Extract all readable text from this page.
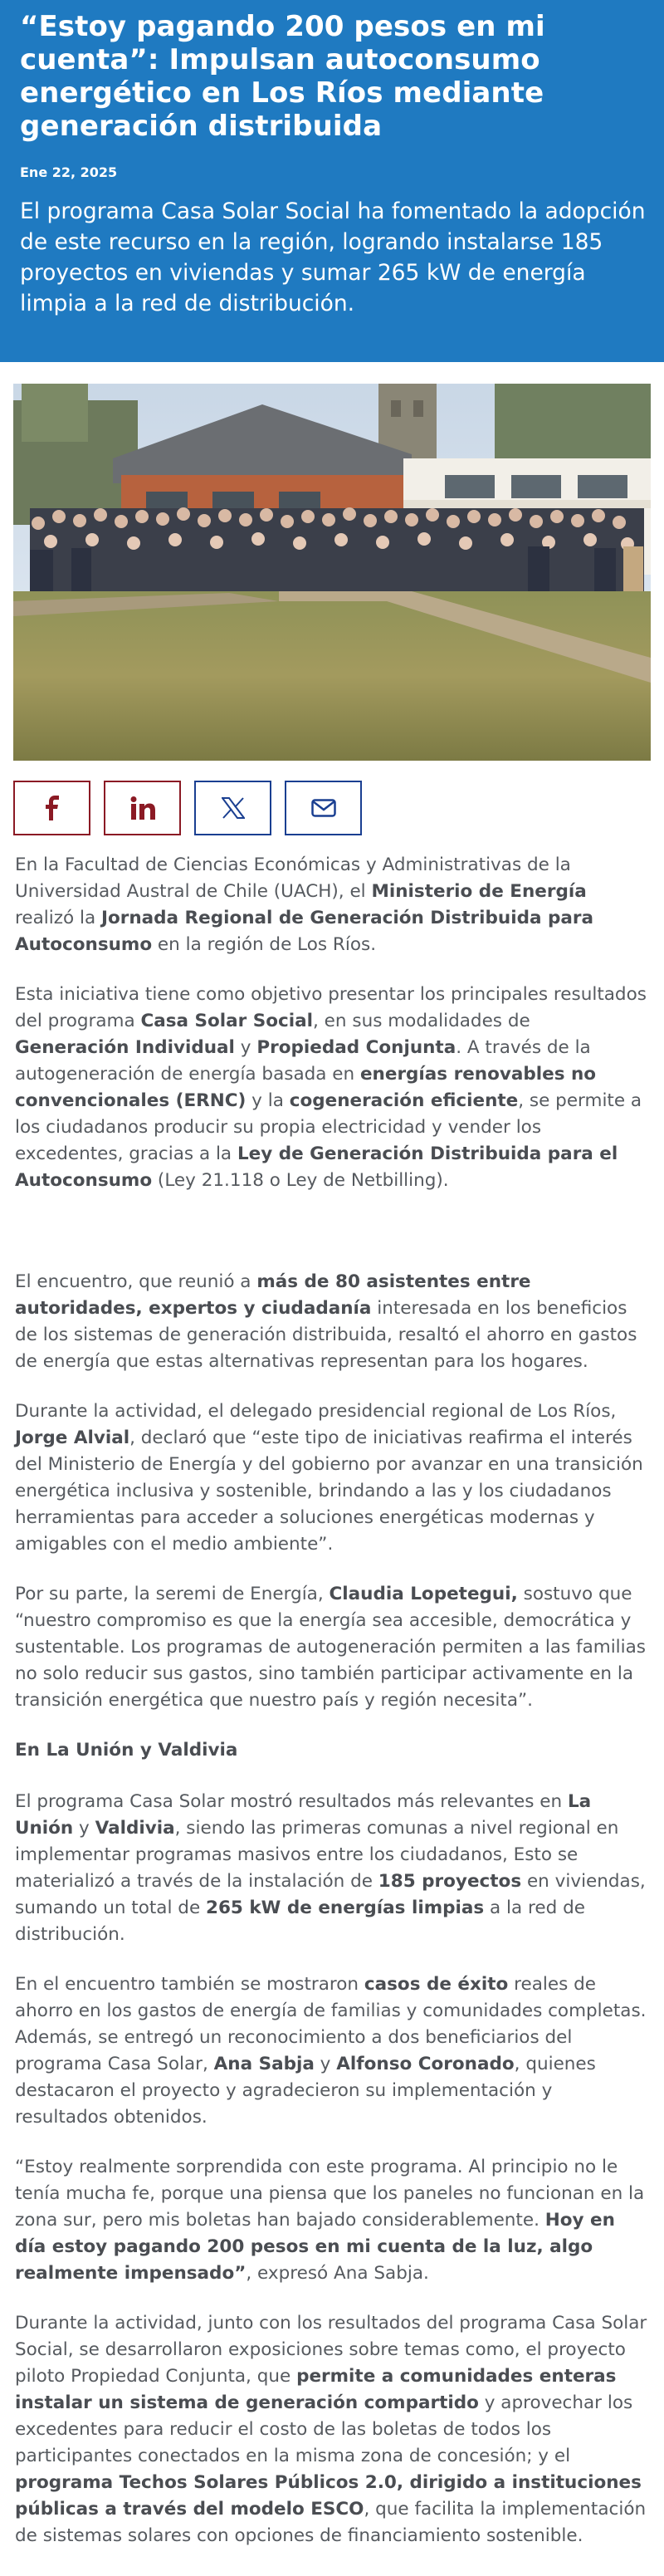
“Estoy pagando 200 pesos en mi cuenta”: Impulsan autoconsumo energético en Los Ríos mediante generación distribuida
Ene 22, 2025
El programa Casa Solar Social ha fomentado la adopción de este recurso en la región, logrando instalarse 185 proyectos en viviendas y sumar 265 kW de energía limpia a la red de distribución.

En la Facultad de Ciencias Económicas y Administrativas de la Universidad Austral de Chile (UACH), el Ministerio de Energía realizó la Jornada Regional de Generación Distribuida para Autoconsumo en la región de Los Ríos.

Esta iniciativa tiene como objetivo presentar los principales resultados del programa Casa Solar Social, en sus modalidades de Generación Individual y Propiedad Conjunta. A través de la autogeneración de energía basada en energías renovables no convencionales (ERNC) y la cogeneración eficiente, se permite a los ciudadanos producir su propia electricidad y vender los excedentes, gracias a la Ley de Generación Distribuida para el Autoconsumo (Ley 21.118 o Ley de Netbilling).

El encuentro, que reunió a más de 80 asistentes entre autoridades, expertos y ciudadanía interesada en los beneficios de los sistemas de generación distribuida, resaltó el ahorro en gastos de energía que estas alternativas representan para los hogares.

Durante la actividad, el delegado presidencial regional de Los Ríos, Jorge Alvial, declaró que “este tipo de iniciativas reafirma el interés del Ministerio de Energía y del gobierno por avanzar en una transición energética inclusiva y sostenible, brindando a las y los ciudadanos herramientas para acceder a soluciones energéticas modernas y amigables con el medio ambiente”.

Por su parte, la seremi de Energía, Claudia Lopetegui, sostuvo que “nuestro compromiso es que la energía sea accesible, democrática y sustentable. Los programas de autogeneración permiten a las familias no solo reducir sus gastos, sino también participar activamente en la transición energética que nuestro país y región necesita”.

En La Unión y Valdivia

El programa Casa Solar mostró resultados más relevantes en La Unión y Valdivia, siendo las primeras comunas a nivel regional en implementar programas masivos entre los ciudadanos, Esto se materializó a través de la instalación de 185 proyectos en viviendas, sumando un total de 265 kW de energías limpias a la red de distribución.

En el encuentro también se mostraron casos de éxito reales de ahorro en los gastos de energía de familias y comunidades completas. Además, se entregó un reconocimiento a dos beneficiarios del programa Casa Solar, Ana Sabja y Alfonso Coronado, quienes destacaron el proyecto y agradecieron su implementación y resultados obtenidos.

“Estoy realmente sorprendida con este programa. Al principio no le tenía mucha fe, porque una piensa que los paneles no funcionan en la zona sur, pero mis boletas han bajado considerablemente. Hoy en día estoy pagando 200 pesos en mi cuenta de la luz, algo realmente impensado”, expresó Ana Sabja.

Durante la actividad, junto con los resultados del programa Casa Solar Social, se desarrollaron exposiciones sobre temas como, el proyecto piloto Propiedad Conjunta, que permite a comunidades enteras instalar un sistema de generación compartido y aprovechar los excedentes para reducir el costo de las boletas de todos los participantes conectados en la misma zona de concesión; y el programa Techos Solares Públicos 2.0, dirigido a instituciones públicas a través del modelo ESCO, que facilita la implementación de sistemas solares con opciones de financiamiento sostenible.
